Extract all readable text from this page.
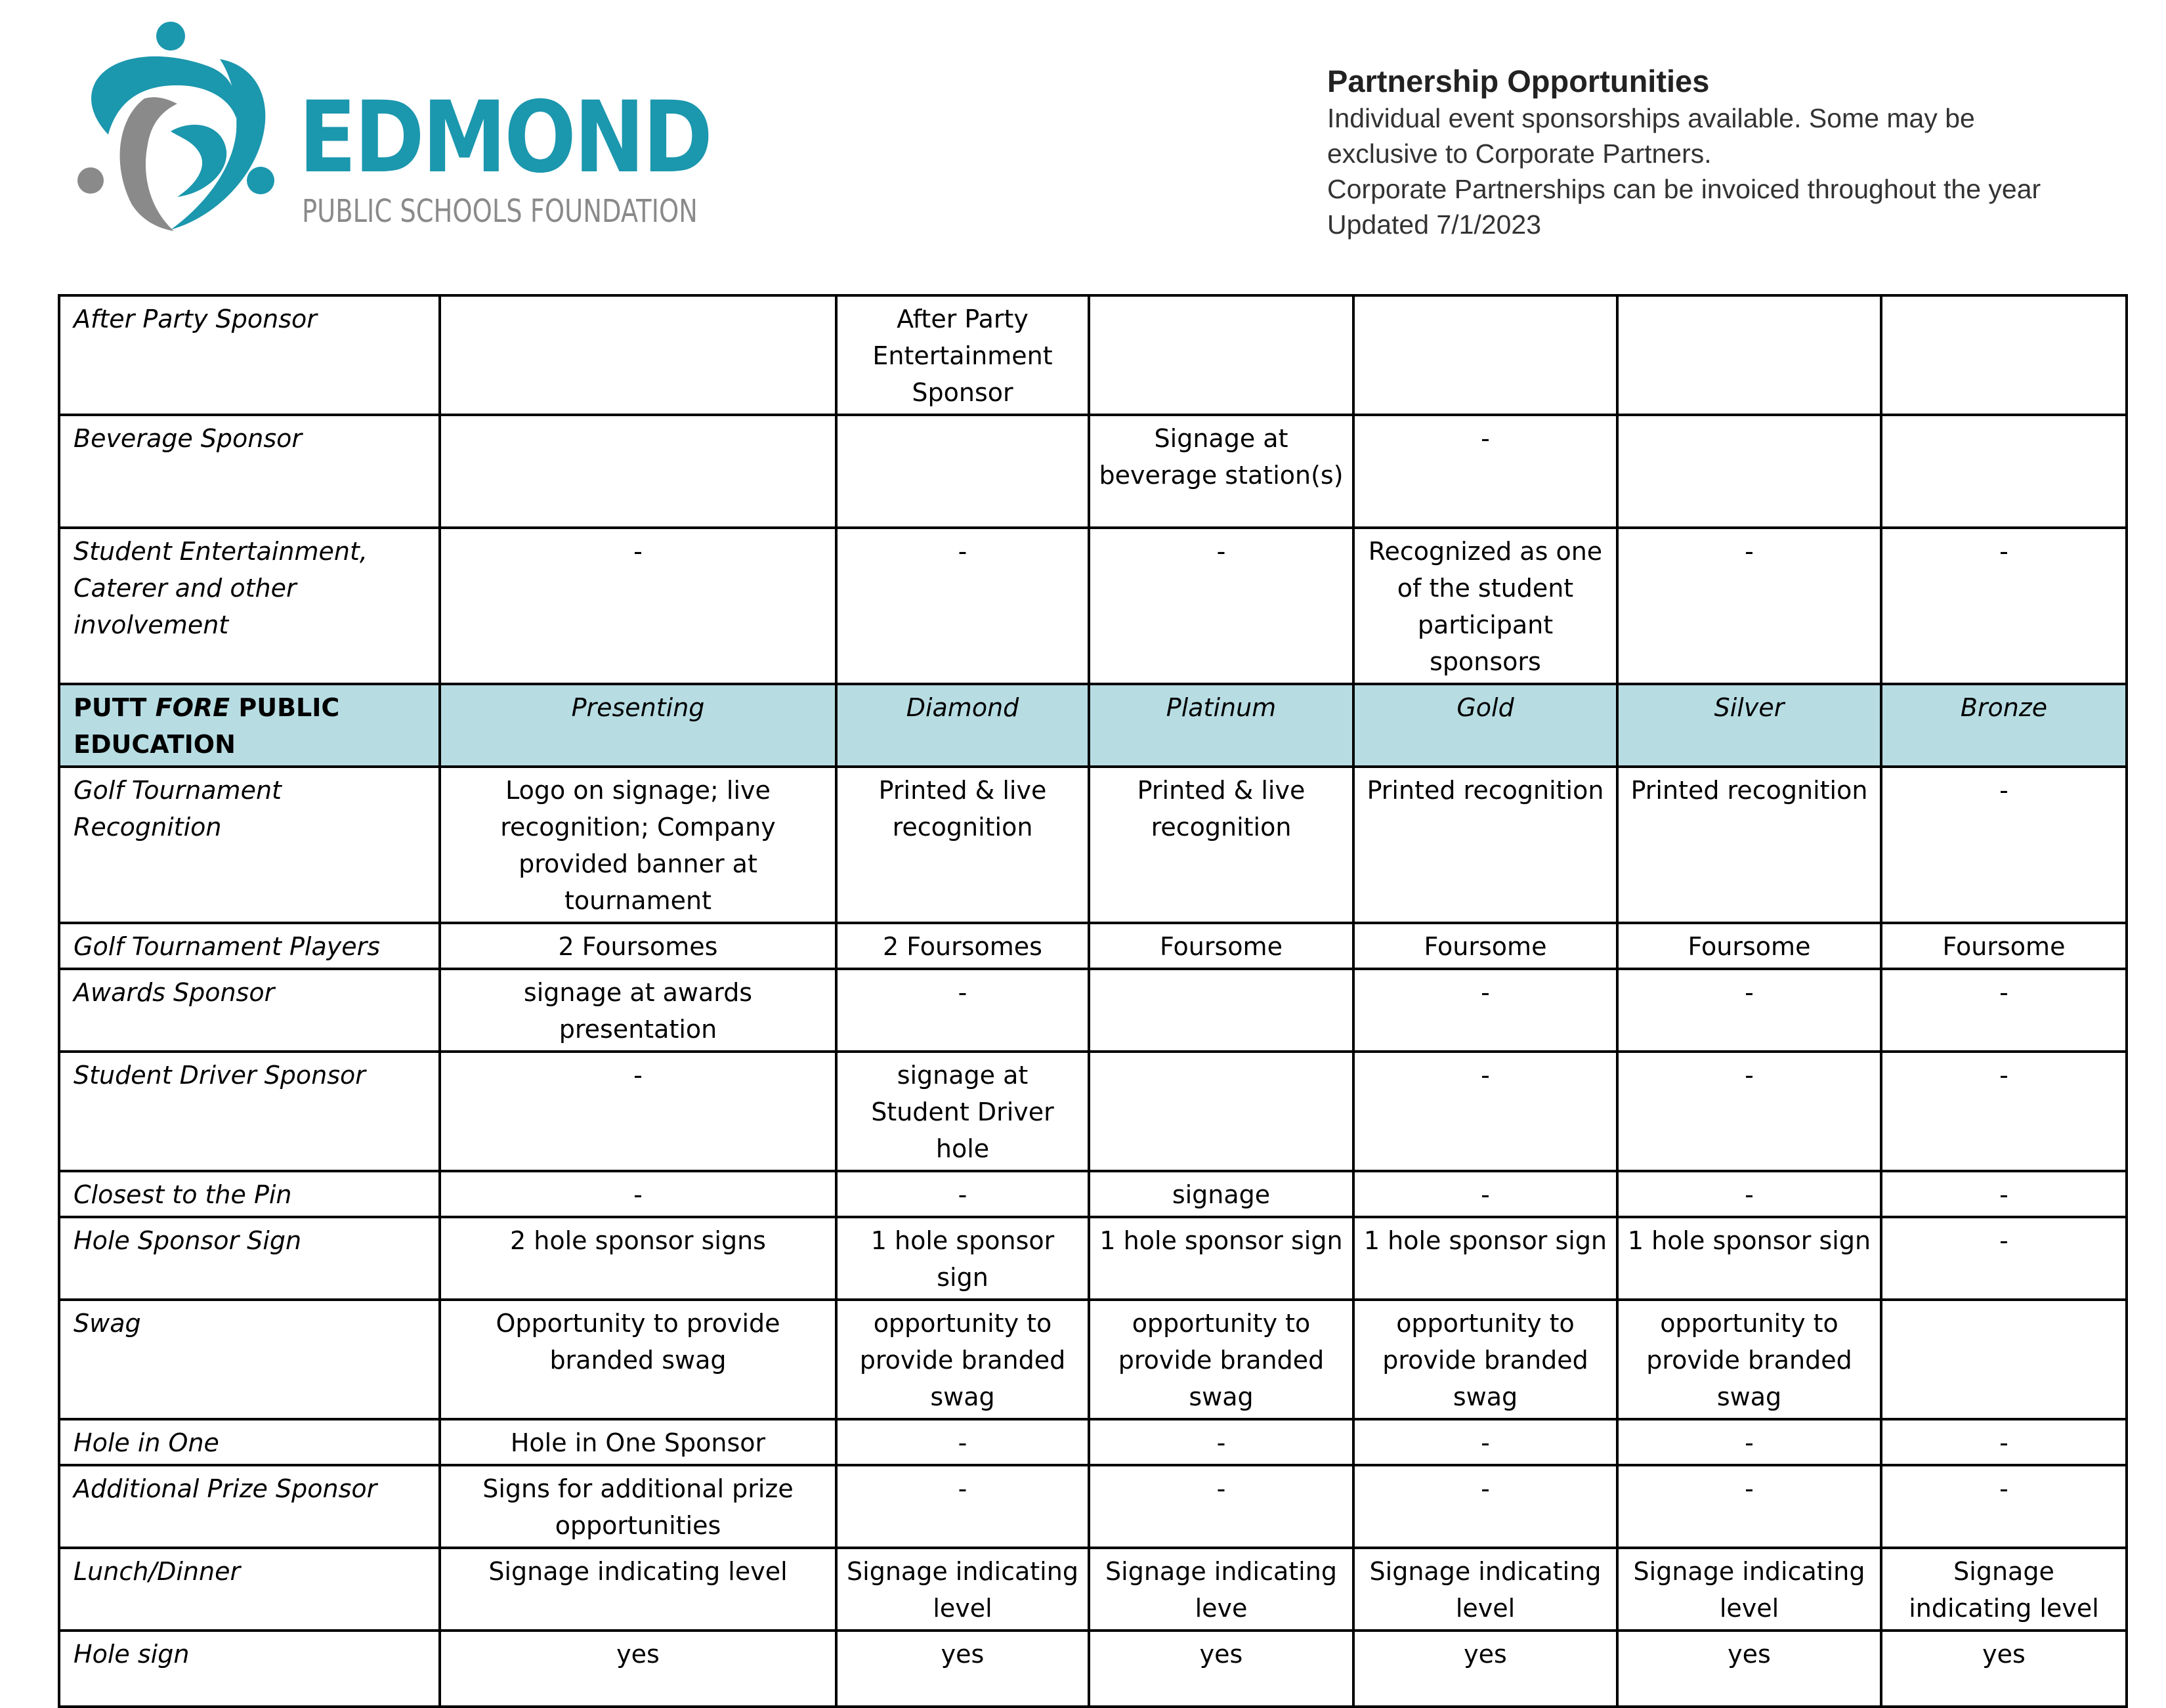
EDMOND
PUBLIC SCHOOLS FOUNDATION
Partnership Opportunities
Individual event sponsorships available. Some may be
exclusive to Corporate Partners.
Corporate Partnerships can be invoiced throughout the year
Updated 7/1/2023
After Party Sponsor		After Party Entertainment Sponsor				
Beverage Sponsor			Signage at beverage station(s)	-		
Student Entertainment, Caterer and other involvement	-	-	-	Recognized as one of the student participant sponsors	-	-
PUTT FORE PUBLIC EDUCATION	Presenting	Diamond	Platinum	Gold	Silver	Bronze
Golf Tournament Recognition	Logo on signage; live recognition; Company provided banner at tournament	Printed & live recognition	Printed & live recognition	Printed recognition	Printed recognition	-
Golf Tournament Players	2 Foursomes	2 Foursomes	Foursome	Foursome	Foursome	Foursome
Awards Sponsor	signage at awards presentation	-		-	-	-
Student Driver Sponsor	-	signage at Student Driver hole		-	-	-
Closest to the Pin	-	-	signage	-	-	-
Hole Sponsor Sign	2 hole sponsor signs	1 hole sponsor sign	1 hole sponsor sign	1 hole sponsor sign	1 hole sponsor sign	-
Swag	Opportunity to provide branded swag	opportunity to provide branded swag	opportunity to provide branded swag	opportunity to provide branded swag	opportunity to provide branded swag	
Hole in One	Hole in One Sponsor	-	-	-	-	-
Additional Prize Sponsor	Signs for additional prize opportunities	-	-	-	-	-
Lunch/Dinner	Signage indicating level	Signage indicating level	Signage indicating leve	Signage indicating level	Signage indicating level	Signage indicating level
Hole sign	yes	yes	yes	yes	yes	yes
